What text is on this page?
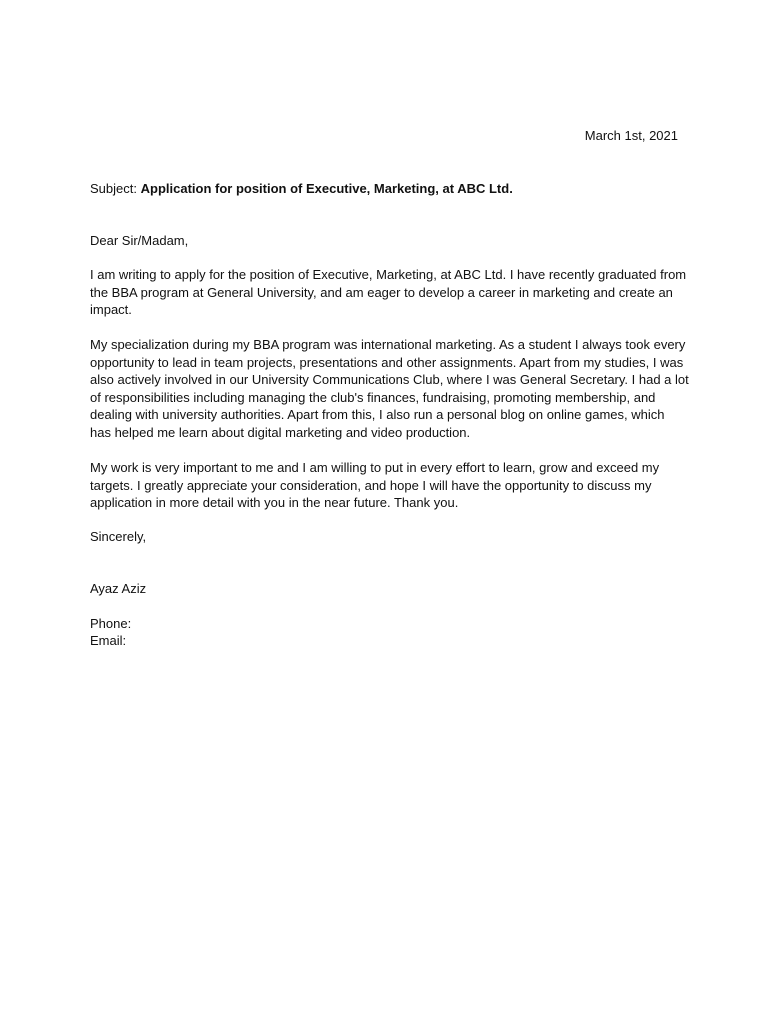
March 1st, 2021
Subject: Application for position of Executive, Marketing, at ABC Ltd.
Dear Sir/Madam,
I am writing to apply for the position of Executive, Marketing, at ABC Ltd. I have recently graduated from
the BBA program at General University, and am eager to develop a career in marketing and create an
impact.
My specialization during my BBA program was international marketing. As a student I always took every
opportunity to lead in team projects, presentations and other assignments. Apart from my studies, I was
also actively involved in our University Communications Club, where I was General Secretary. I had a lot
of responsibilities including managing the club's finances, fundraising, promoting membership, and
dealing with university authorities. Apart from this, I also run a personal blog on online games, which
has helped me learn about digital marketing and video production.
My work is very important to me and I am willing to put in every effort to learn, grow and exceed my
targets. I greatly appreciate your consideration, and hope I will have the opportunity to discuss my
application in more detail with you in the near future. Thank you.
Sincerely,
Ayaz Aziz
Phone:
Email:
